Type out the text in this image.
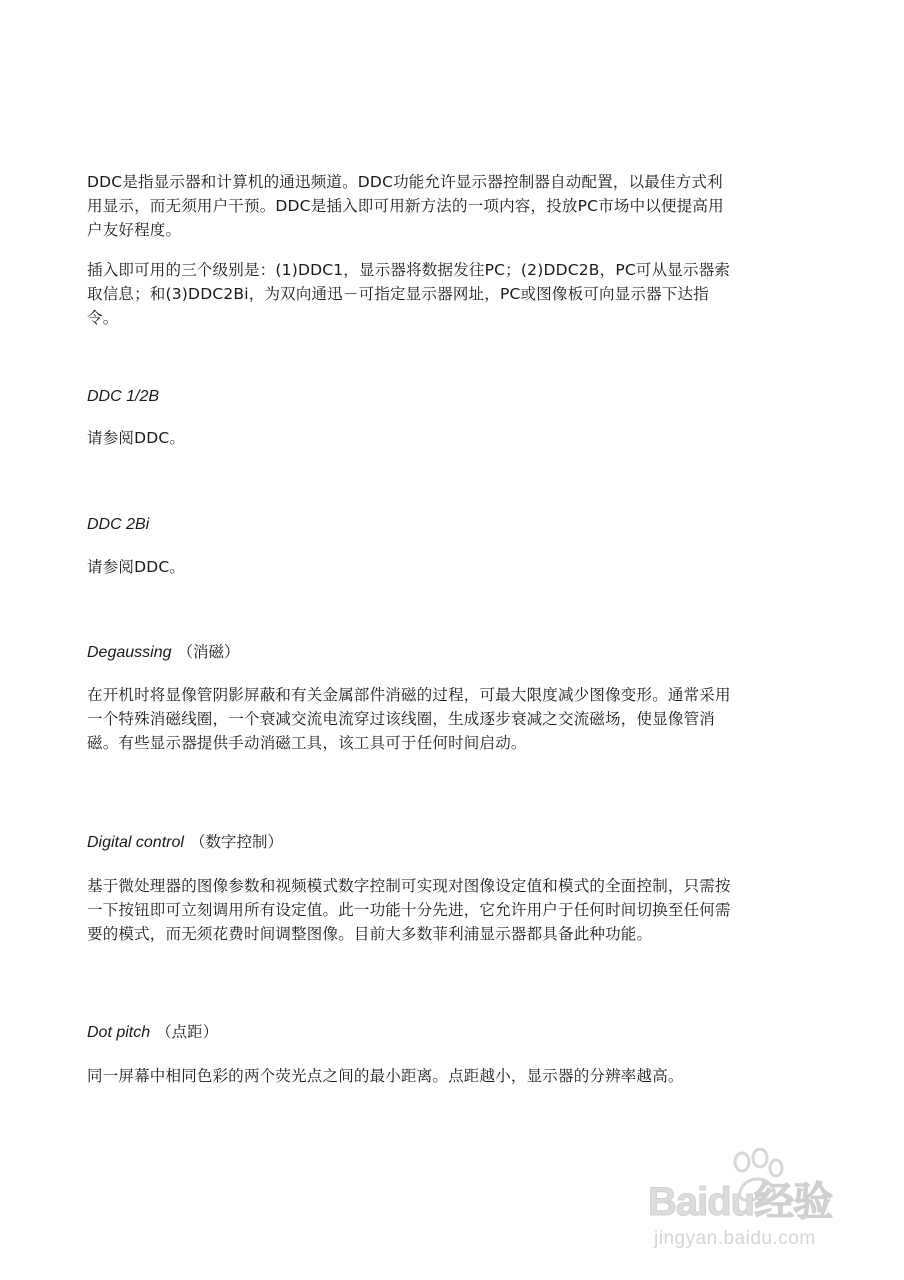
DDC是指显示器和计算机的通迅频道。DDC功能允许显示器控制器自动配置，以最佳方式利用显示，而无须用户干预。DDC是插入即可用新方法的一项内容，投放PC市场中以便提高用户友好程度。

插入即可用的三个级别是：(1)DDC1，显示器将数据发往PC；(2)DDC2B，PC可从显示器索取信息；和(3)DDC2Bi，为双向通迅－可指定显示器网址，PC或图像板可向显示器下达指令。

DDC 1/2B

请参阅DDC。

DDC 2Bi

请参阅DDC。

Degaussing （消磁）

在开机时将显像管阴影屏蔽和有关金属部件消磁的过程，可最大限度减少图像变形。通常采用一个特殊消磁线圈，一个衰减交流电流穿过该线圈，生成逐步衰减之交流磁场，使显像管消磁。有些显示器提供手动消磁工具，该工具可于任何时间启动。

Digital control （数字控制）

基于微处理器的图像参数和视频模式数字控制可实现对图像设定值和模式的全面控制，只需按一下按钮即可立刻调用所有设定值。此一功能十分先进，它允许用户于任何时间切换至任何需要的模式，而无须花费时间调整图像。目前大多数菲利浦显示器都具备此种功能。

Dot pitch （点距）

同一屏幕中相同色彩的两个荧光点之间的最小距离。点距越小，显示器的分辨率越高。

Baidu经验
jingyan.baidu.com
